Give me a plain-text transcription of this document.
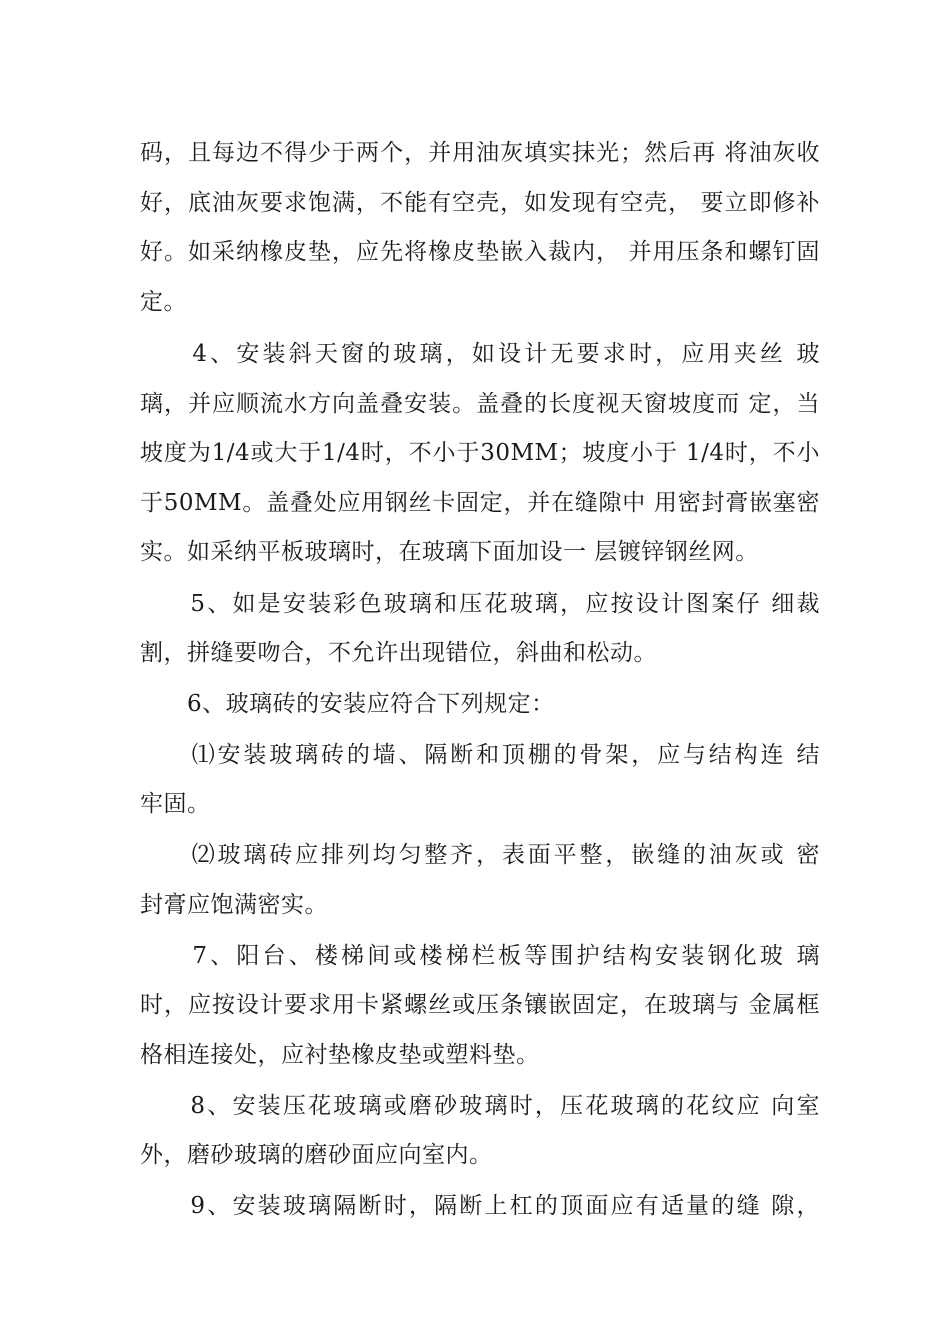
码，且每边不得少于两个，并用油灰填实抹光；然后再 将油灰收
好，底油灰要求饱满，不能有空壳，如发现有空壳， 要立即修补
好。如采纳橡皮垫，应先将橡皮垫嵌入裁内， 并用压条和螺钉固
定。
　　4、安装斜天窗的玻璃，如设计无要求时，应用夹丝 玻
璃，并应顺流水方向盖叠安装。盖叠的长度视天窗坡度而 定，当
坡度为1/4或大于1/4时，不小于30MM；坡度小于 1/4时，不小
于50MM。盖叠处应用钢丝卡固定，并在缝隙中 用密封膏嵌塞密
实。如采纳平板玻璃时，在玻璃下面加设一 层镀锌钢丝网。
　　5、如是安装彩色玻璃和压花玻璃，应按设计图案仔 细裁
割，拼缝要吻合，不允许出现错位，斜曲和松动。
　　6、玻璃砖的安装应符合下列规定：
　　⑴安装玻璃砖的墙、隔断和顶棚的骨架，应与结构连 结
牢固。
　　⑵玻璃砖应排列均匀整齐，表面平整，嵌缝的油灰或 密
封膏应饱满密实。
　　7、阳台、楼梯间或楼梯栏板等围护结构安装钢化玻 璃
时，应按设计要求用卡紧螺丝或压条镶嵌固定，在玻璃与 金属框
格相连接处，应衬垫橡皮垫或塑料垫。
　　8、安装压花玻璃或磨砂玻璃时，压花玻璃的花纹应 向室
外，磨砂玻璃的磨砂面应向室内。
　　9、安装玻璃隔断时，隔断上杠的顶面应有适量的缝 隙，
